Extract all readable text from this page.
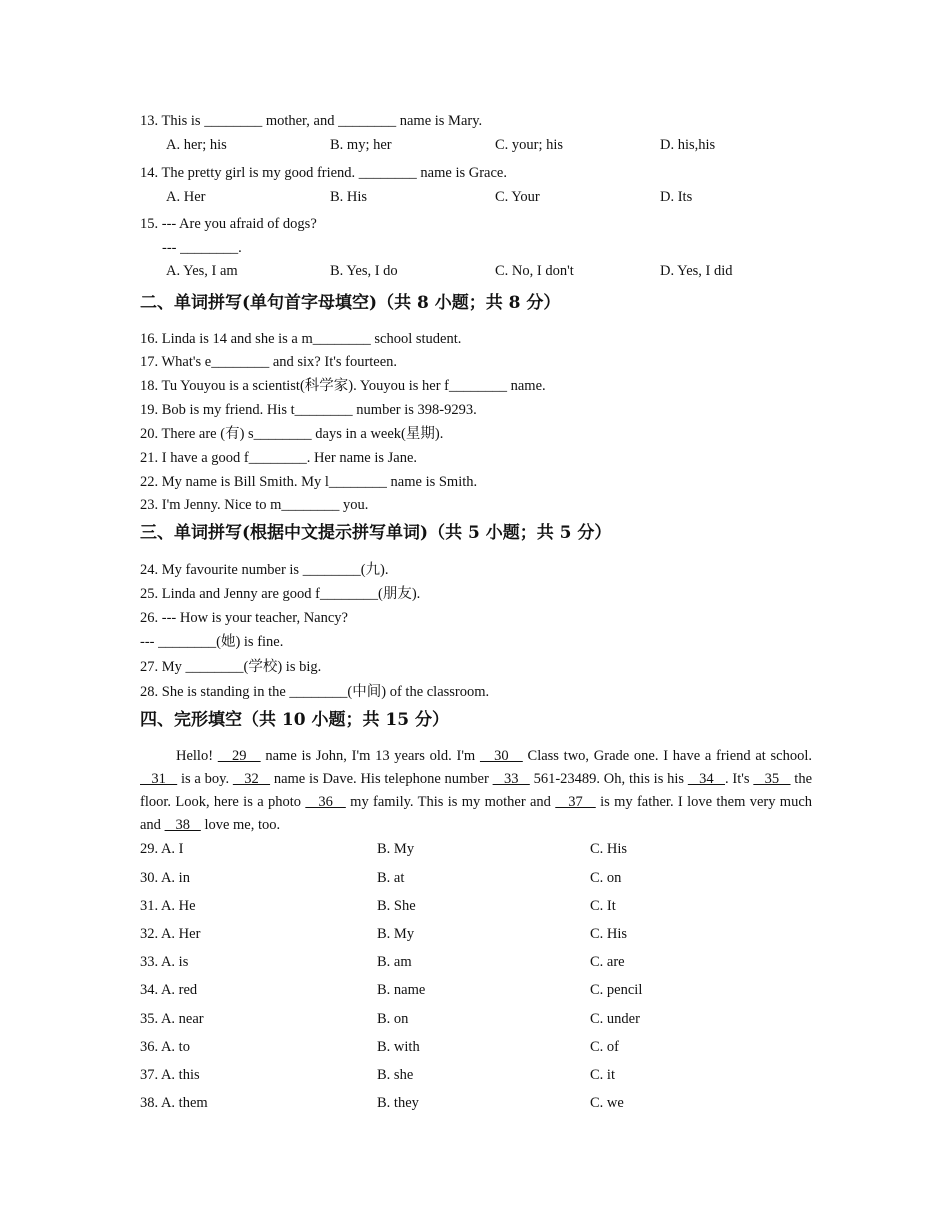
13. This is ________ mother, and ________ name is Mary.
A. her; his	B. my; her	C. your; his	D. his,his
14. The pretty girl is my good friend. ________ name is Grace.
A. Her	B. His	C. Your	D. Its
15. --- Are you afraid of dogs?
--- ________.
A. Yes, I am	B. Yes, I do	C. No, I don't	D. Yes, I did
二、单词拼写(单句首字母填空)（共 8 小题；共 8 分）
16. Linda is 14 and she is a m________ school student.
17. What's e________ and six? It's fourteen.
18. Tu Youyou is a scientist(科学家). Youyou is her f________ name.
19. Bob is my friend. His t________ number is 398-9293.
20. There are (有) s________ days in a week(星期).
21. I have a good f________. Her name is Jane.
22. My name is Bill Smith. My l________ name is Smith.
23. I'm Jenny. Nice to m________ you.
三、单词拼写(根据中文提示拼写单词)（共 5 小题；共 5 分）
24. My favourite number is ________(九).
25. Linda and Jenny are good f________(朋友).
26. --- How is your teacher, Nancy?
--- ________(她) is fine.
27. My ________(学校) is big.
28. She is standing in the ________(中间) of the classroom.
四、完形填空（共 10 小题；共 15 分）
Hello!    29    name is John, I'm 13 years old. I'm    30    Class two, Grade one. I have a friend at school.    31    is a boy.    32    name is Dave. His telephone number    33    561-23489. Oh, this is his    34   . It's    35    the floor. Look, here is a photo    36    my family. This is my mother and    37    is my father. I love them very much and    38    love me, too.
29. A. I	B. My	C. His
30. A. in	B. at	C. on
31. A. He	B. She	C. It
32. A. Her	B. My	C. His
33. A. is	B. am	C. are
34. A. red	B. name	C. pencil
35. A. near	B. on	C. under
36. A. to	B. with	C. of
37. A. this	B. she	C. it
38. A. them	B. they	C. we
